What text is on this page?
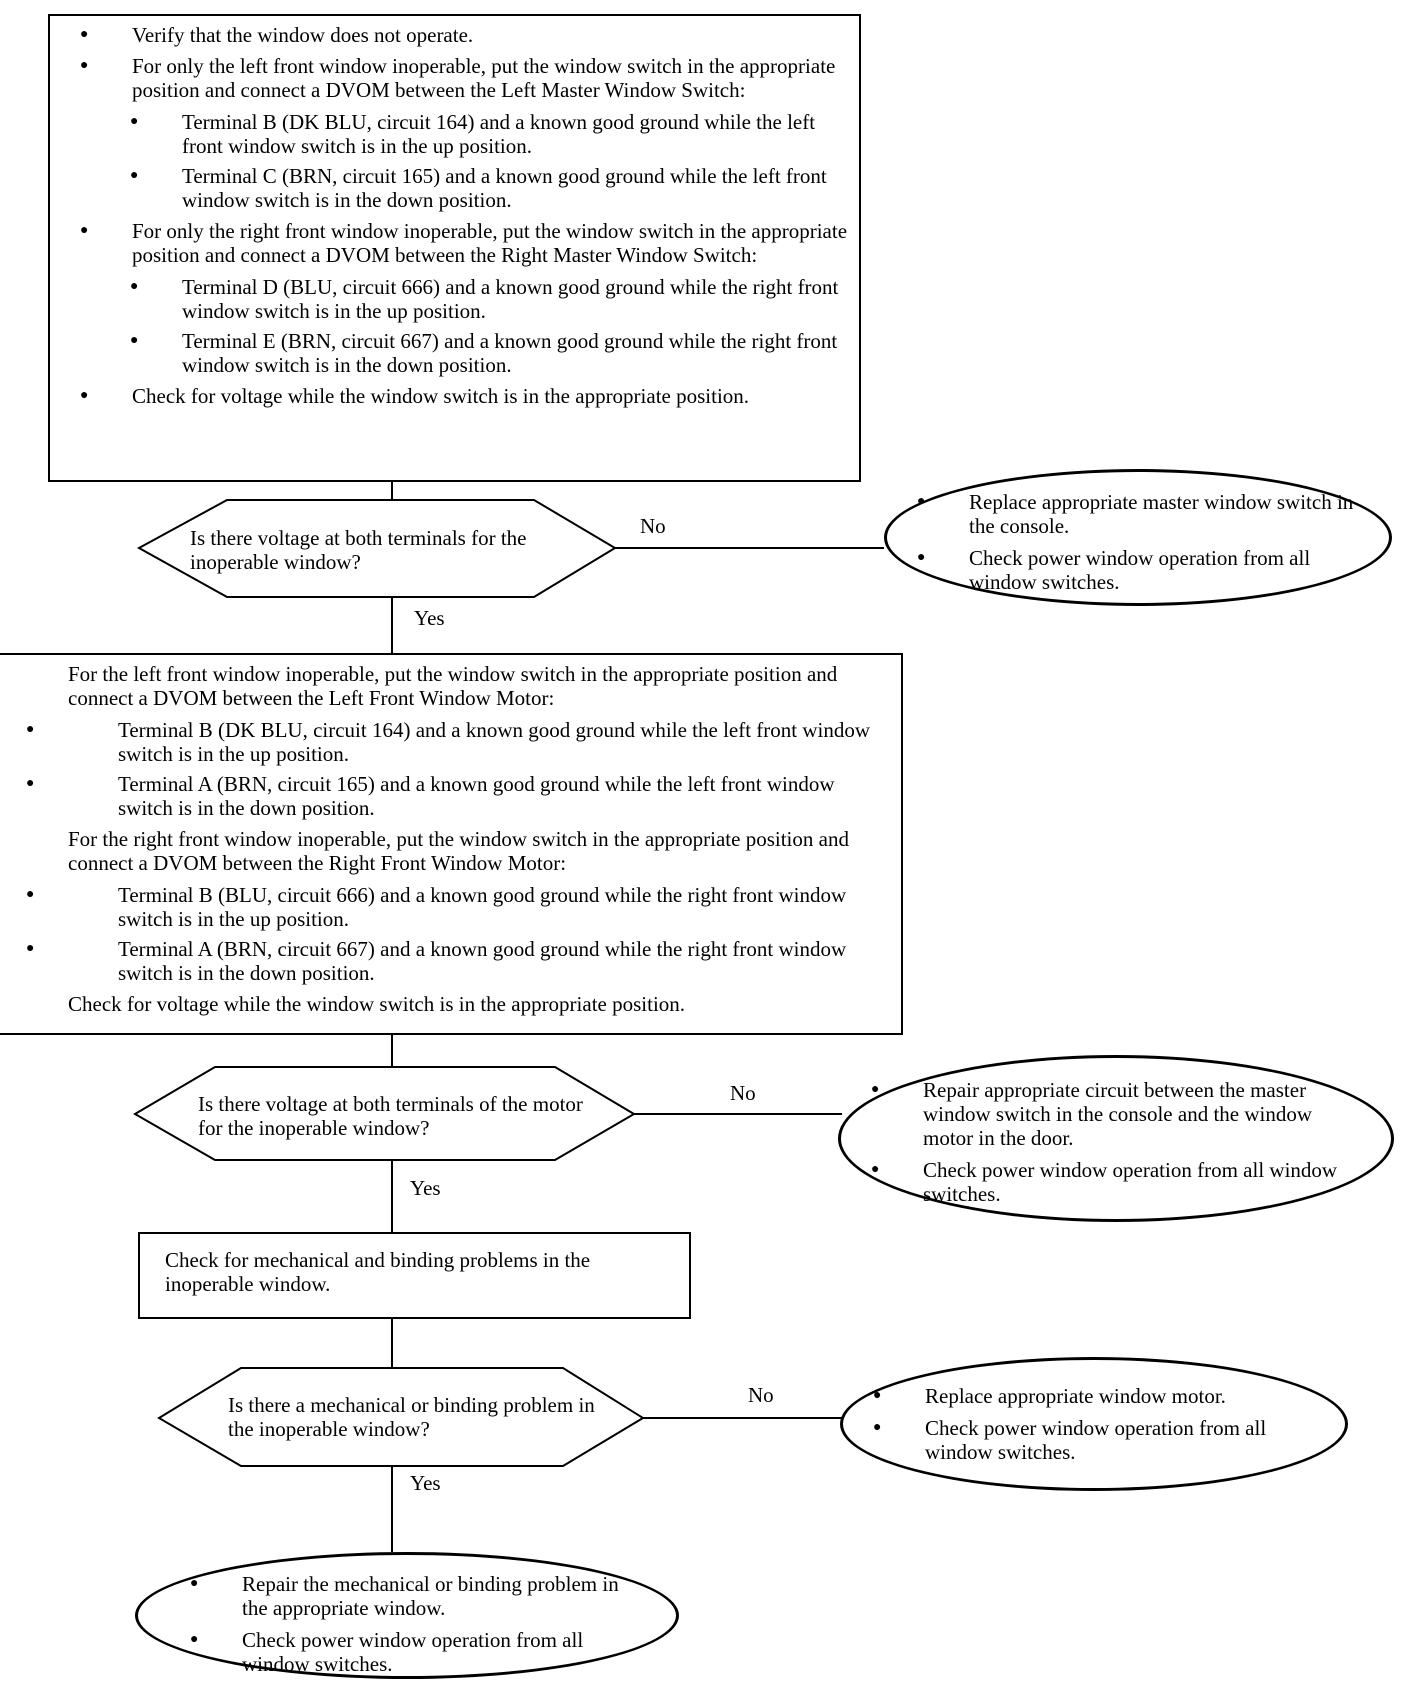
● Verify that the window does not operate.
● For only the left front window inoperable, put the window switch in the appropriate position and connect a DVOM between the Left Master Window Switch:
● Terminal B (DK BLU, circuit 164) and a known good ground while the left front window switch is in the up position.
● Terminal C (BRN, circuit 165) and a known good ground while the left front window switch is in the down position.
● For only the right front window inoperable, put the window switch in the appropriate position and connect a DVOM between the Right Master Window Switch:
● Terminal D (BLU, circuit 666) and a known good ground while the right front window switch is in the up position.
● Terminal E (BRN, circuit 667) and a known good ground while the right front window switch is in the down position.
● Check for voltage while the window switch is in the appropriate position.
Is there voltage at both terminals for the inoperable window?
No
Yes
● Replace appropriate master window switch in the console.
● Check power window operation from all window switches.
● For the left front window inoperable, put the window switch in the appropriate position and connect a DVOM between the Left Front Window Motor:
● Terminal B (DK BLU, circuit 164) and a known good ground while the left front window switch is in the up position.
● Terminal A (BRN, circuit 165) and a known good ground while the left front window switch is in the down position.
● For the right front window inoperable, put the window switch in the appropriate position and connect a DVOM between the Right Front Window Motor:
● Terminal B (BLU, circuit 666) and a known good ground while the right front window switch is in the up position.
● Terminal A (BRN, circuit 667) and a known good ground while the right front window switch is in the down position.
● Check for voltage while the window switch is in the appropriate position.
Is there voltage at both terminals of the motor for the inoperable window?
No
Yes
● Repair appropriate circuit between the master window switch in the console and the window motor in the door.
● Check power window operation from all window switches.
Check for mechanical and binding problems in the inoperable window.
Is there a mechanical or binding problem in the inoperable window?
No
Yes
● Replace appropriate window motor.
● Check power window operation from all window switches.
● Repair the mechanical or binding problem in the appropriate window.
● Check power window operation from all window switches.
